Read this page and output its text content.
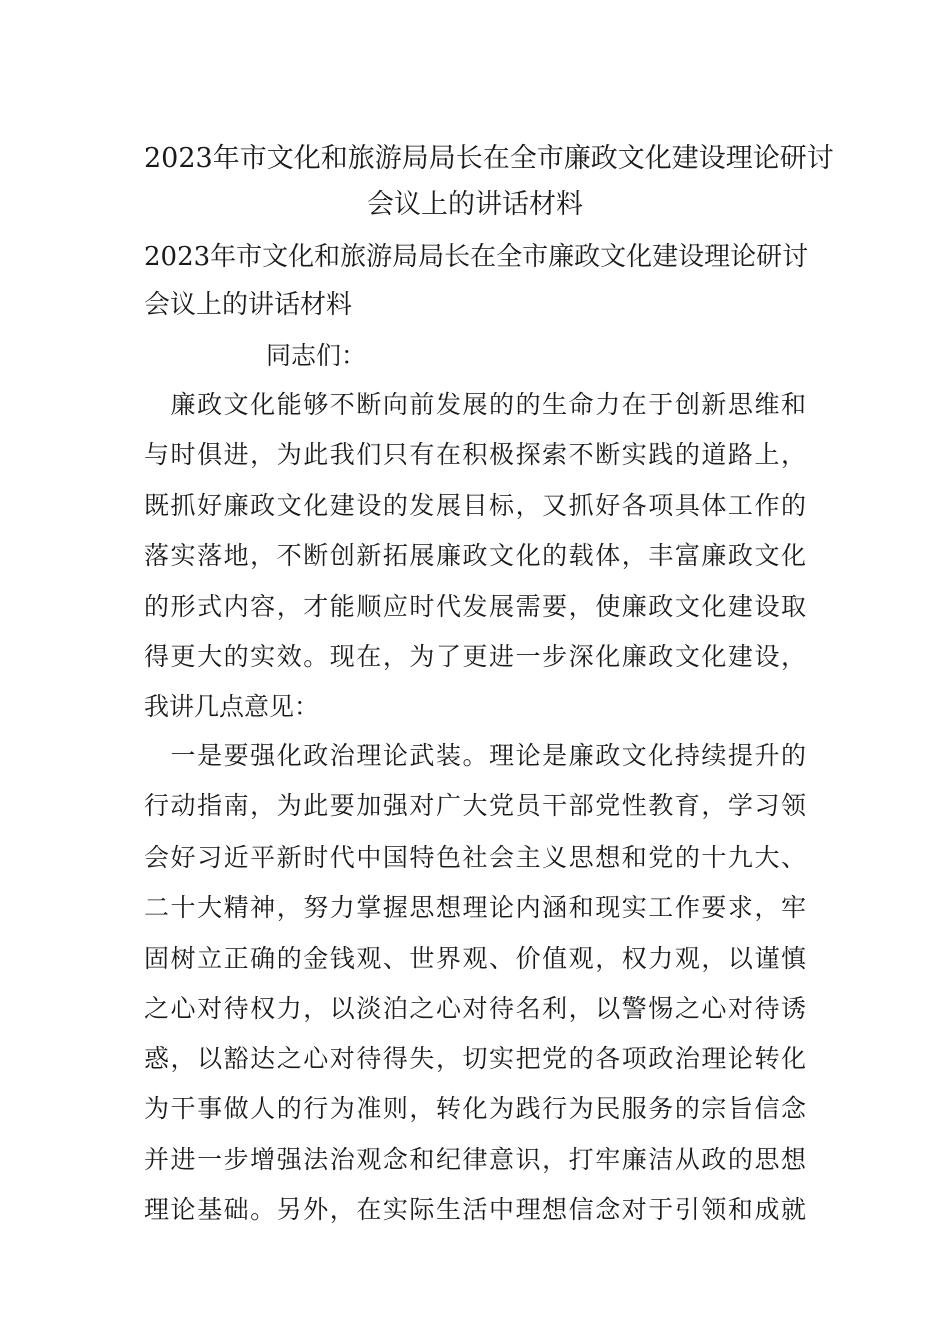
2023年市文化和旅游局局长在全市廉政文化建设理论研讨
会议上的讲话材料

2023年市文化和旅游局局长在全市廉政文化建设理论研讨

会议上的讲话材料

同志们：

　廉政文化能够不断向前发展的的生命力在于创新思维和

与时俱进，为此我们只有在积极探索不断实践的道路上，

既抓好廉政文化建设的发展目标，又抓好各项具体工作的

落实落地，不断创新拓展廉政文化的载体，丰富廉政文化

的形式内容，才能顺应时代发展需要，使廉政文化建设取

得更大的实效。现在，为了更进一步深化廉政文化建设，

我讲几点意见：

　一是要强化政治理论武装。理论是廉政文化持续提升的

行动指南，为此要加强对广大党员干部党性教育，学习领

会好习近平新时代中国特色社会主义思想和党的十九大、

二十大精神，努力掌握思想理论内涵和现实工作要求，牢

固树立正确的金钱观、世界观、价值观，权力观，以谨慎

之心对待权力，以淡泊之心对待名利，以警惕之心对待诱

惑，以豁达之心对待得失，切实把党的各项政治理论转化

为干事做人的行为准则，转化为践行为民服务的宗旨信念

并进一步增强法治观念和纪律意识，打牢廉洁从政的思想

理论基础。另外，在实际生活中理想信念对于引领和成就
